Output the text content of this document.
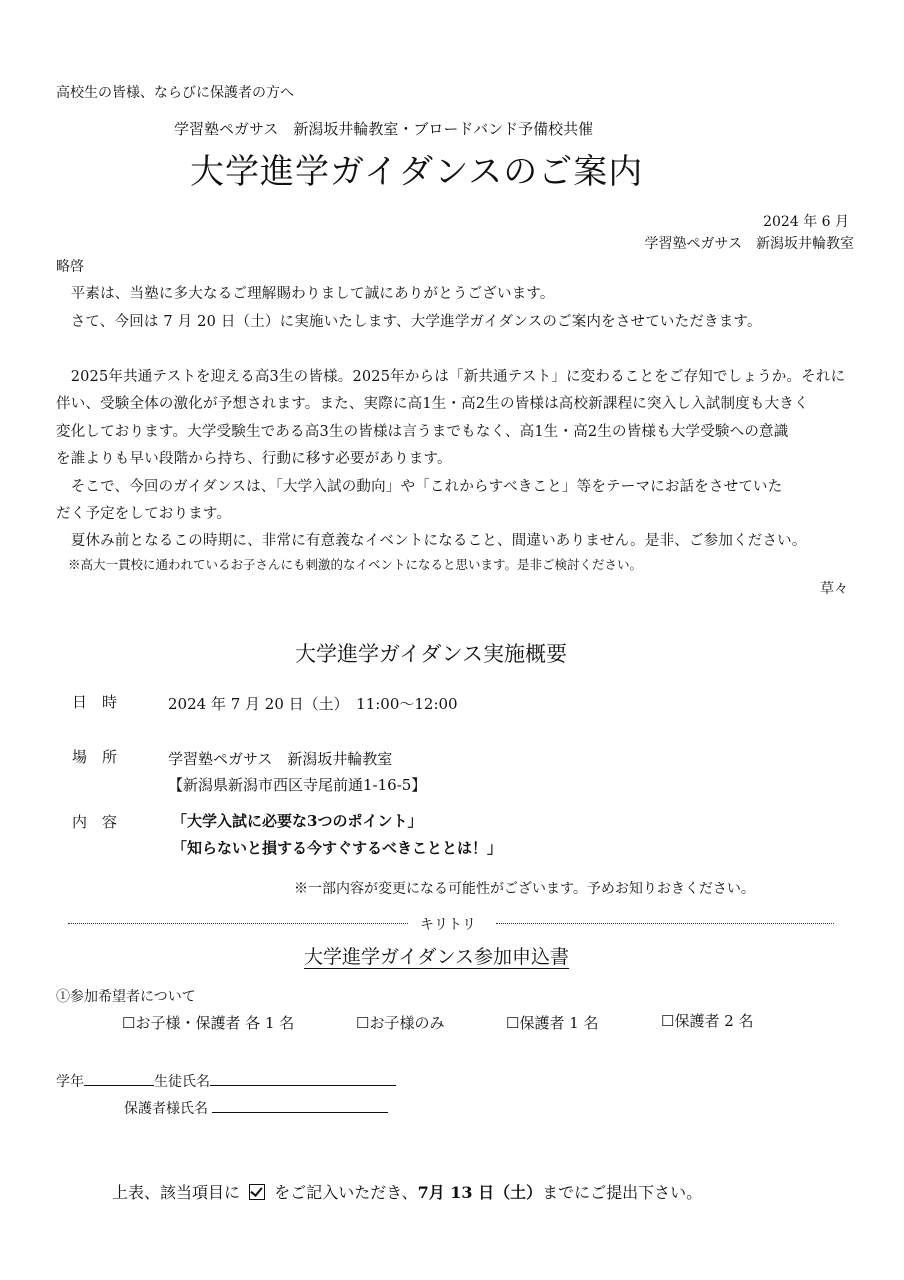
高校生の皆様、ならびに保護者の方へ
学習塾ペガサス　新潟坂井輪教室・ブロードバンド予備校共催
大学進学ガイダンスのご案内
2024 年 6 月
学習塾ペガサス　新潟坂井輪教室
略啓
　平素は、当塾に多大なるご理解賜わりまして誠にありがとうございます。
　さて、今回は 7 月 20 日（土）に実施いたします、大学進学ガイダンスのご案内をさせていただきます。
　2025年共通テストを迎える高3生の皆様。2025年からは「新共通テスト」に変わることをご存知でしょうか。それに
伴い、受験全体の激化が予想されます。また、実際に高1生・高2生の皆様は高校新課程に突入し入試制度も大きく
変化しております。大学受験生である高3生の皆様は言うまでもなく、高1生・高2生の皆様も大学受験への意識
を誰よりも早い段階から持ち、行動に移す必要があります。
　そこで、今回のガイダンスは、「大学入試の動向」や「これからすべきこと」等をテーマにお話をさせていた
だく予定をしております。
　夏休み前となるこの時期に、非常に有意義なイベントになること、間違いありません。是非、ご参加ください。
※高大一貫校に通われているお子さんにも刺激的なイベントになると思います。是非ご検討ください。
草々
大学進学ガイダンス実施概要
日　時	2024 年 7 月 20 日（土）　11:00〜12:00
場　所	学習塾ペガサス　新潟坂井輪教室
【新潟県新潟市西区寺尾前通1-16-5】
内　容	「大学入試に必要な3つのポイント」
「知らないと損する今すぐするべきこととは！」
※一部内容が変更になる可能性がございます。予めお知りおきください。
キリトリ
大学進学ガイダンス参加申込書
①参加希望者について
☐お子様・保護者 各 1 名	☐お子様のみ	☐保護者 1 名	☐保護者 2 名
学年	生徒氏名
保護者様氏名
上表、該当項目に をご記入いただき、7月 13 日（土）までにご提出下さい。
